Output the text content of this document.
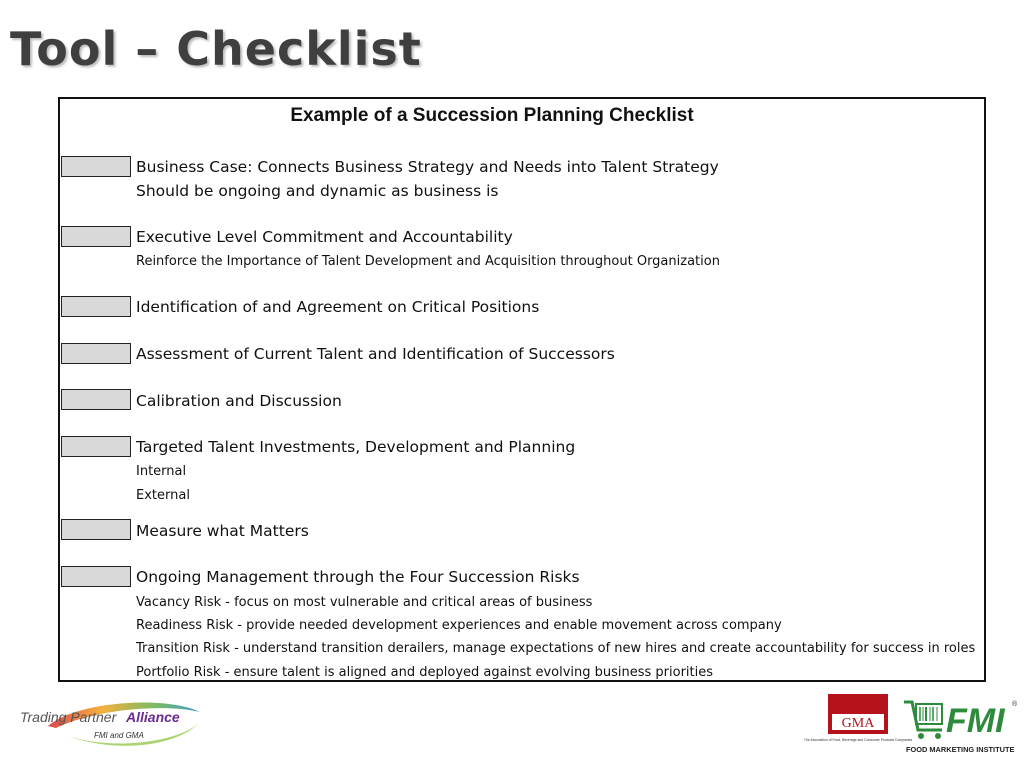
Tool – Checklist
Example of a Succession Planning Checklist
Business Case: Connects Business Strategy and Needs into Talent Strategy
Should be ongoing and dynamic as business is
Executive Level Commitment and Accountability
Reinforce the Importance of Talent Development and Acquisition throughout Organization
Identification of and Agreement on Critical Positions
Assessment of Current Talent and Identification of Successors
Calibration and Discussion
Targeted Talent Investments, Development and Planning
Internal
External
Measure what Matters
Ongoing Management through the Four Succession Risks
Vacancy Risk - focus on most vulnerable and critical areas of business
Readiness Risk - provide needed development experiences and enable movement across company
Transition Risk - understand transition derailers, manage expectations of new hires and create accountability for success in roles
Portfolio Risk - ensure talent is aligned and deployed against evolving business priorities
Trading Partner Alliance
FMI and GMA
GMA
The Association of Food, Beverage and Consumer Products Companies FMI ®
FOOD MARKETING INSTITUTE
